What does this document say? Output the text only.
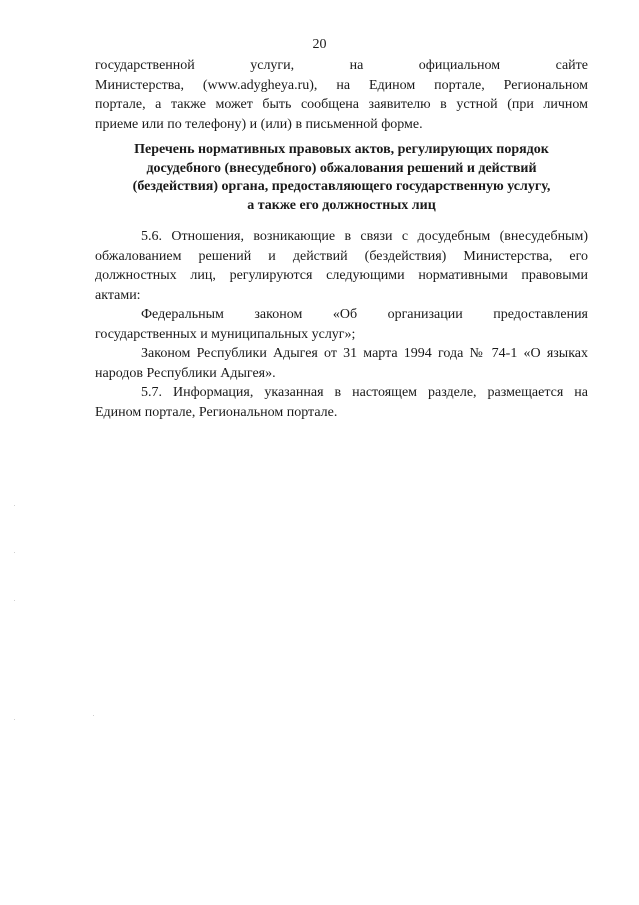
20
государственной услуги, на официальном сайте
Министерства, (www.adygheya.ru), на Едином портале, Региональном
портале, а также может быть сообщена заявителю в устной (при личном
приеме или по телефону) и (или) в письменной форме.
Перечень нормативных правовых актов, регулирующих порядок
досудебного (внесудебного) обжалования решений и действий
(бездействия) органа, предоставляющего государственную услугу,
а также его должностных лиц
5.6. Отношения, возникающие в связи с досудебным (внесудебным)
обжалованием решений и действий (бездействия) Министерства, его
должностных лиц, регулируются следующими нормативными правовыми
актами:
Федеральным законом «Об организации предоставления
государственных и муниципальных услуг»;
Законом Республики Адыгея от 31 марта 1994 года № 74-1 «О языках
народов Республики Адыгея».
5.7. Информация, указанная в настоящем разделе, размещается на
Едином портале, Региональном портале.
